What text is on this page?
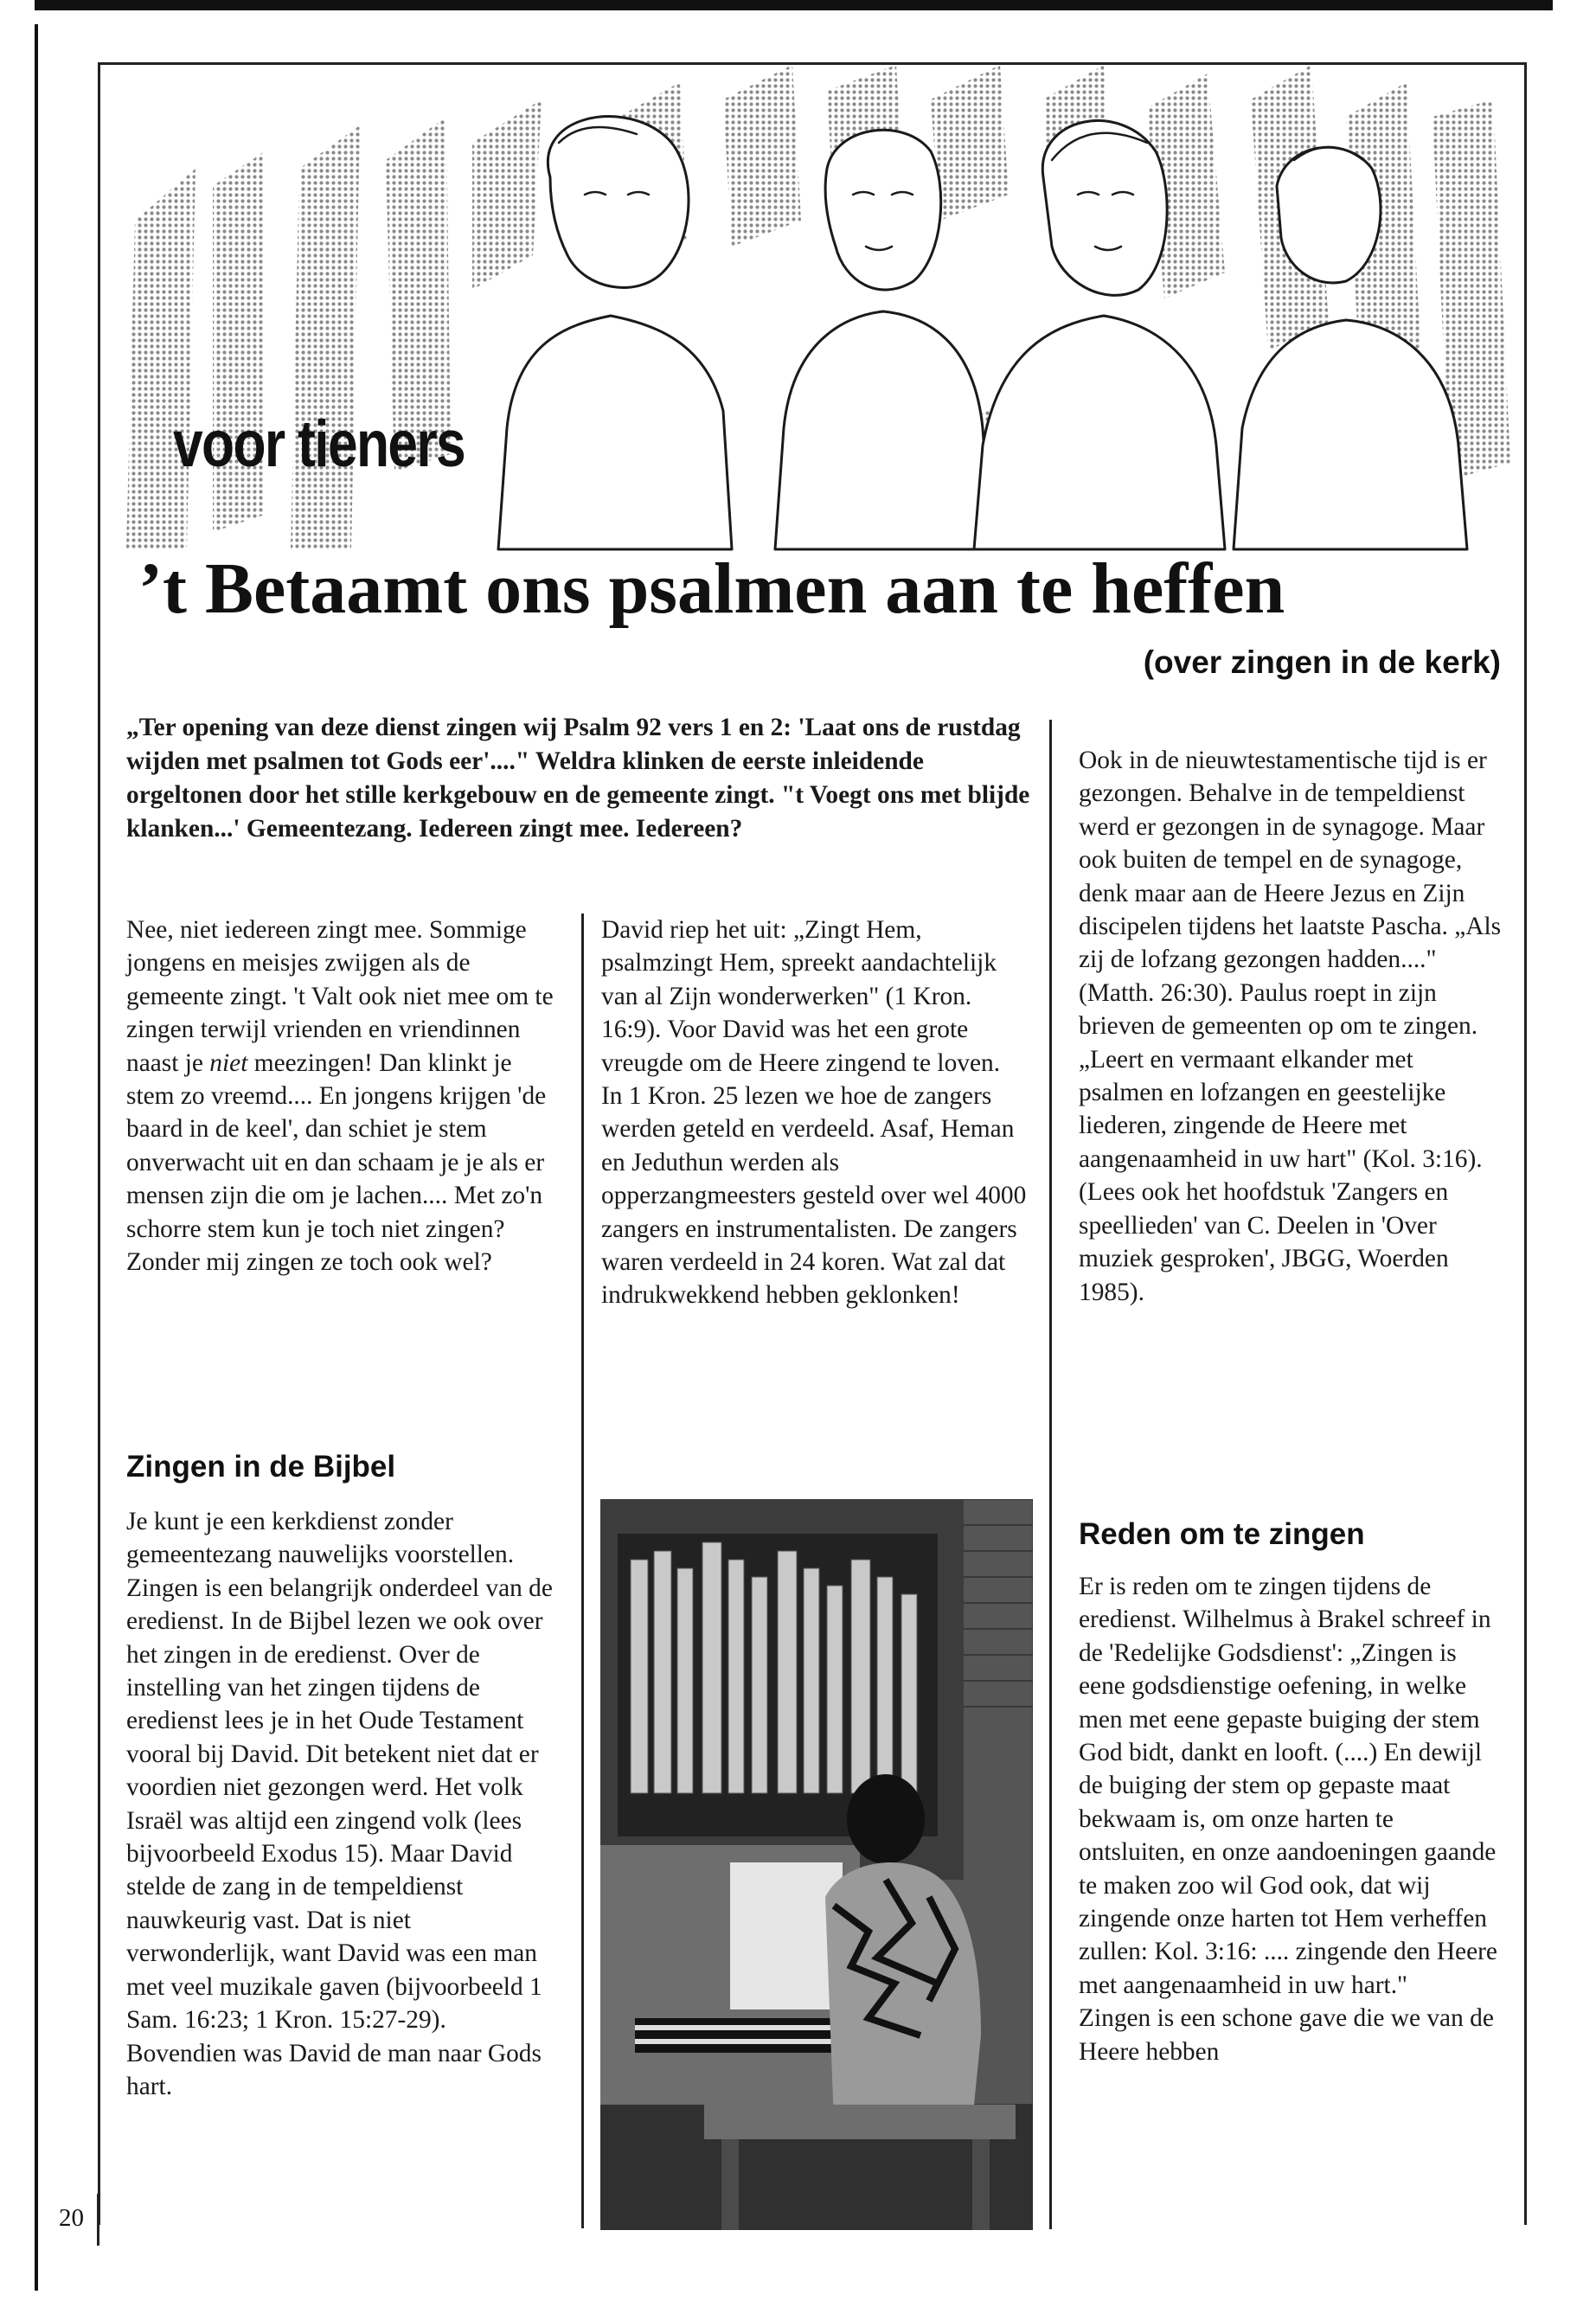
voor tieners
’t Betaamt ons psalmen aan te heffen

(over zingen in de kerk)

„Ter opening van deze dienst zingen wij Psalm 92 vers 1 en 2: 'Laat ons de rustdag wijden met psalmen tot Gods eer'...." Weldra klinken de eerste inleidende orgeltonen door het stille kerkgebouw en de gemeente zingt. "t Voegt ons met blijde klanken...' Gemeentezang. Iedereen zingt mee. Iedereen?

Nee, niet iedereen zingt mee. Sommige jongens en meisjes zwijgen als de gemeente zingt. 't Valt ook niet mee om te zingen terwijl vrienden en vriendinnen naast je niet meezingen! Dan klinkt je stem zo vreemd.... En jongens krijgen 'de baard in de keel', dan schiet je stem onverwacht uit en dan schaam je je als er mensen zijn die om je lachen.... Met zo'n schorre stem kun je toch niet zingen? Zonder mij zingen ze toch ook wel?

Zingen in de Bijbel

Je kunt je een kerkdienst zonder gemeentezang nauwelijks voorstellen. Zingen is een belangrijk onderdeel van de eredienst. In de Bijbel lezen we ook over het zingen in de eredienst. Over de instelling van het zingen tijdens de eredienst lees je in het Oude Testament vooral bij David. Dit betekent niet dat er voordien niet gezongen werd. Het volk Israël was altijd een zingend volk (lees bijvoorbeeld Exodus 15). Maar David stelde de zang in de tempeldienst nauwkeurig vast. Dat is niet verwonderlijk, want David was een man met veel muzikale gaven (bijvoorbeeld 1 Sam. 16:23; 1 Kron. 15:27-29). Bovendien was David de man naar Gods hart.

David riep het uit: „Zingt Hem, psalmzingt Hem, spreekt aandachtelijk van al Zijn wonderwerken" (1 Kron. 16:9). Voor David was het een grote vreugde om de Heere zingend te loven.

In 1 Kron. 25 lezen we hoe de zangers werden geteld en verdeeld. Asaf, Heman en Jeduthun werden als opperzangmeesters gesteld over wel 4000 zangers en instrumentalisten. De zangers waren verdeeld in 24 koren. Wat zal dat indrukwekkend hebben geklonken!

Ook in de nieuwtestamentische tijd is er gezongen. Behalve in de tempeldienst werd er gezongen in de synagoge. Maar ook buiten de tempel en de synagoge, denk maar aan de Heere Jezus en Zijn discipelen tijdens het laatste Pascha. „Als zij de lofzang gezongen hadden...." (Matth. 26:30). Paulus roept in zijn brieven de gemeenten op om te zingen. „Leert en vermaant elkander met psalmen en lofzangen en geestelijke liederen, zingende de Heere met aangenaamheid in uw hart" (Kol. 3:16).

(Lees ook het hoofdstuk 'Zangers en speellieden' van C. Deelen in 'Over muziek gesproken', JBGG, Woerden 1985).

Reden om te zingen

Er is reden om te zingen tijdens de eredienst. Wilhelmus à Brakel schreef in de 'Redelijke Godsdienst': „Zingen is eene godsdienstige oefening, in welke men met eene gepaste buiging der stem God bidt, dankt en looft. (....) En dewijl de buiging der stem op gepaste maat bekwaam is, om onze harten te ontsluiten, en onze aandoeningen gaande te maken zoo wil God ook, dat wij zingende onze harten tot Hem verheffen zullen: Kol. 3:16: .... zingende den Heere met aangenaamheid in uw hart."

Zingen is een schone gave die we van de Heere hebben

20
